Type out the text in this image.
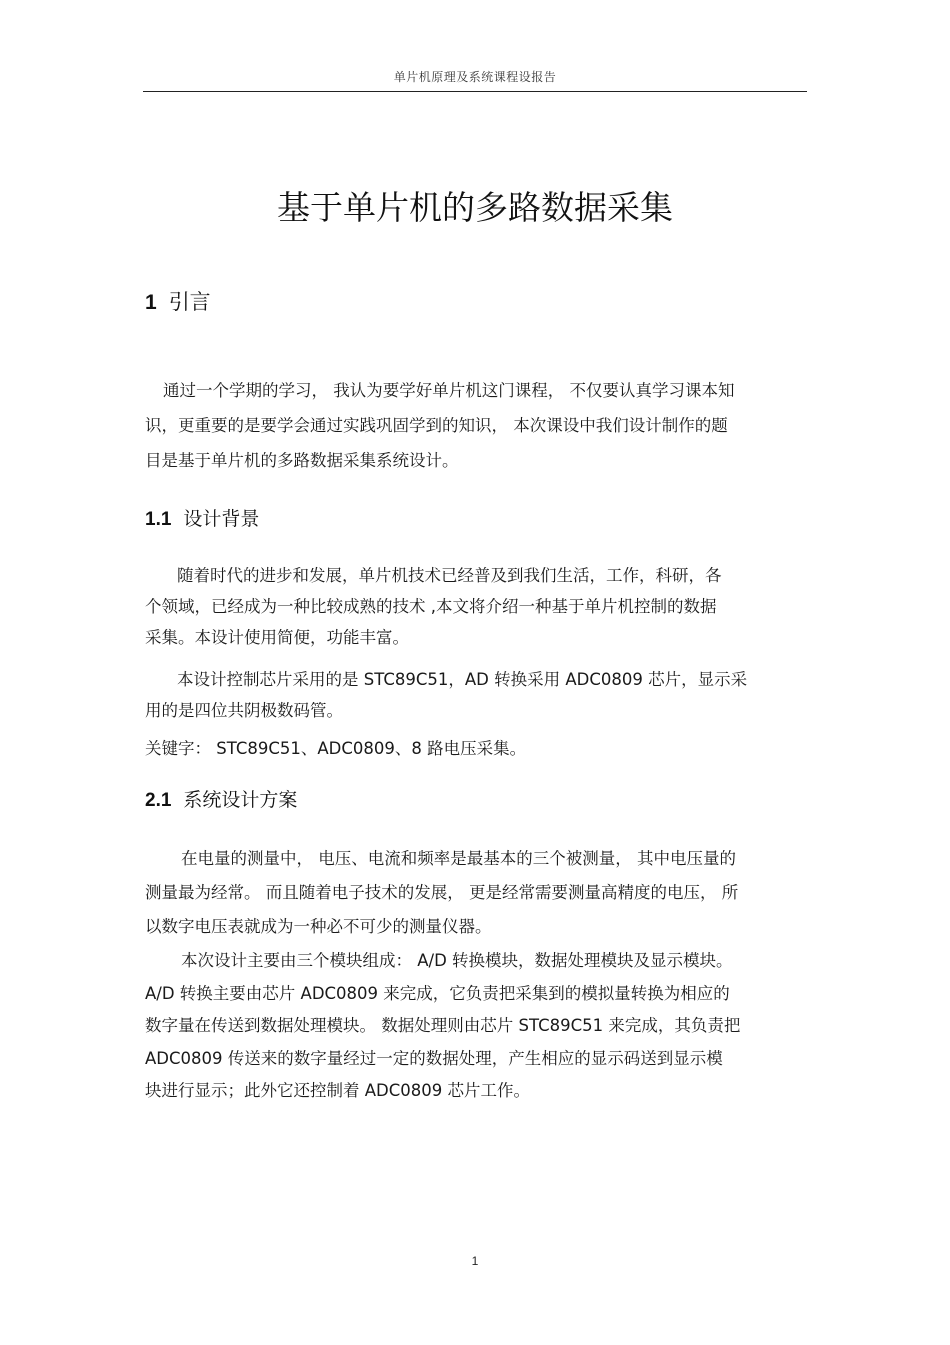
单片机原理及系统课程设报告
基于单片机的多路数据采集
1 引言
通过一个学期的学习， 我认为要学好单片机这门课程， 不仅要认真学习课本知
识，更重要的是要学会通过实践巩固学到的知识， 本次课设中我们设计制作的题
目是基于单片机的多路数据采集系统设计。
1.1 设计背景
随着时代的进步和发展，单片机技术已经普及到我们生活，工作，科研，各
个领域，已经成为一种比较成熟的技术 ,本文将介绍一种基于单片机控制的数据
采集。本设计使用简便，功能丰富。
本设计控制芯片采用的是 STC89C51，AD 转换采用 ADC0809 芯片，显示采
用的是四位共阴极数码管。
关键字： STC89C51、ADC0809、8 路电压采集。
2.1 系统设计方案
在电量的测量中， 电压、电流和频率是最基本的三个被测量， 其中电压量的
测量最为经常。 而且随着电子技术的发展， 更是经常需要测量高精度的电压， 所
以数字电压表就成为一种必不可少的测量仪器。
本次设计主要由三个模块组成： A/D 转换模块，数据处理模块及显示模块。
A/D 转换主要由芯片 ADC0809 来完成，它负责把采集到的模拟量转换为相应的
数字量在传送到数据处理模块。 数据处理则由芯片 STC89C51 来完成，其负责把
ADC0809 传送来的数字量经过一定的数据处理，产生相应的显示码送到显示模
块进行显示；此外它还控制着 ADC0809 芯片工作。
1
